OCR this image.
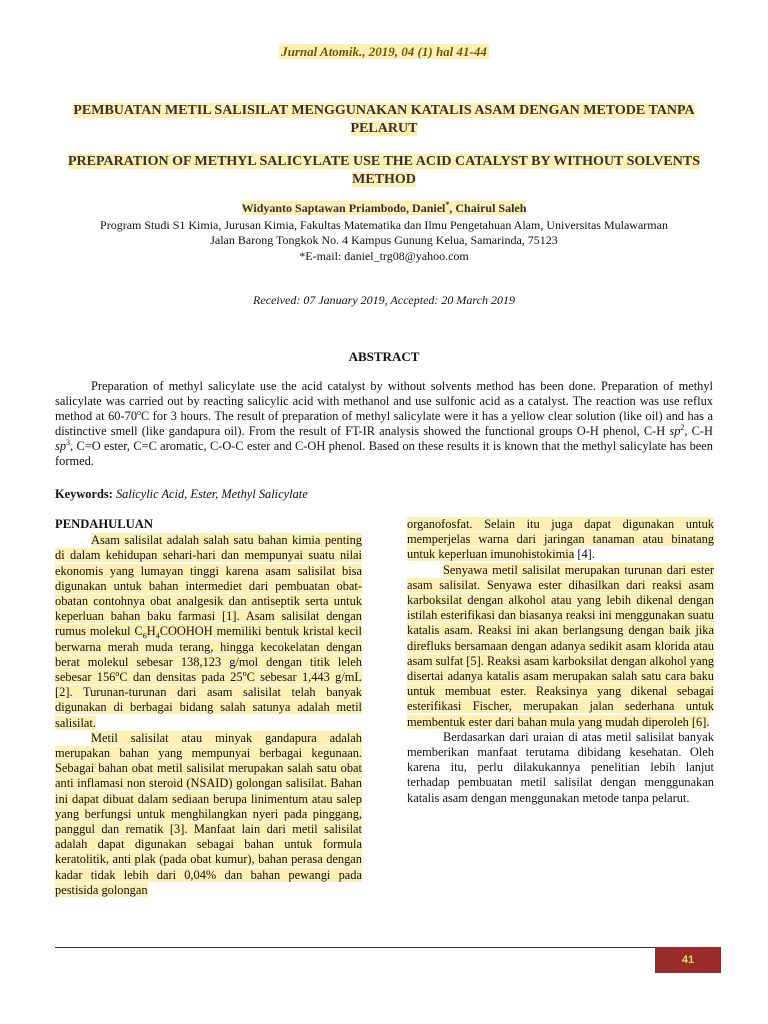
Jurnal Atomik., 2019, 04 (1) hal 41-44
PEMBUATAN METIL SALISILAT MENGGUNAKAN KATALIS ASAM DENGAN METODE TANPA PELARUT
PREPARATION OF METHYL SALICYLATE USE THE ACID CATALYST BY WITHOUT SOLVENTS METHOD
Widyanto Saptawan Priambodo, Daniel*, Chairul Saleh
Program Studi S1 Kimia, Jurusan Kimia, Fakultas Matematika dan Ilmu Pengetahuan Alam, Universitas Mulawarman
Jalan Barong Tongkok No. 4 Kampus Gunung Kelua, Samarinda, 75123
*E-mail: daniel_trg08@yahoo.com
Received: 07 January 2019, Accepted: 20 March 2019
ABSTRACT

Preparation of methyl salicylate use the acid catalyst by without solvents method has been done. Preparation of methyl salicylate was carried out by reacting salicylic acid with methanol and use sulfonic acid as a catalyst. The reaction was use reflux method at 60-70$^o$C for 3 hours. The result of preparation of methyl salicylate were it has a yellow clear solution (like oil) and has a distinctive smell (like gandapura oil). From the result of FT-IR analysis showed the functional groups O-H phenol, C-H $sp^2$, C-H $sp^3$, C=O ester, C=C aromatic, C-O-C ester and C-OH phenol. Based on these results it is known that the methyl salicylate has been formed.

Keywords: Salicylic Acid, Ester, Methyl Salicylate
PENDAHULUAN

Asam salisilat adalah salah satu bahan kimia penting di dalam kehidupan sehari-hari dan mempunyai suatu nilai ekonomis yang lumayan tinggi karena asam salisilat bisa digunakan untuk bahan intermediet dari pembuatan obat-obatan contohnya obat analgesik dan antiseptik serta untuk keperluan bahan baku farmasi [1]. Asam salisilat dengan rumus molekul $C_6H_4COOHOH$ memiliki bentuk kristal kecil berwarna merah muda terang, hingga kecokelatan dengan berat molekul sebesar 138,123 g/mol dengan titik leleh sebesar 156$^o$C dan densitas pada 25$^o$C sebesar 1,443 g/mL [2]. Turunan-turunan dari asam salisilat telah banyak digunakan di berbagai bidang salah satunya adalah metil salisilat.

Metil salisilat atau minyak gandapura adalah merupakan bahan yang mempunyai berbagai kegunaan. Sebagai bahan obat metil salisilat merupakan salah satu obat anti inflamasi non steroid (NSAID) golongan salisilat. Bahan ini dapat dibuat dalam sediaan berupa linimentum atau salep yang berfungsi untuk menghilangkan nyeri pada pinggang, panggul dan rematik [3]. Manfaat lain dari metil salisilat adalah dapat digunakan sebagai bahan untuk formula keratolitik, anti plak (pada obat kumur), bahan perasa dengan kadar tidak lebih dari 0,04% dan bahan pewangi pada pestisida golongan

organofosfat. Selain itu juga dapat digunakan untuk memperjelas warna dari jaringan tanaman atau binatang untuk keperluan imunohistokimia [4].

Senyawa metil salisilat merupakan turunan dari ester asam salisilat. Senyawa ester dihasilkan dari reaksi asam karboksilat dengan alkohol atau yang lebih dikenal dengan istilah esterifikasi dan biasanya reaksi ini menggunakan suatu katalis asam. Reaksi ini akan berlangsung dengan baik jika direfluks bersamaan dengan adanya sedikit asam klorida atau asam sulfat [5]. Reaksi asam karboksilat dengan alkohol yang disertai adanya katalis asam merupakan salah satu cara baku untuk membuat ester. Reaksinya yang dikenal sebagai esterifikasi Fischer, merupakan jalan sederhana untuk membentuk ester dari bahan mula yang mudah diperoleh [6].

Berdasarkan dari uraian di atas metil salisilat banyak memberikan manfaat terutama dibidang kesehatan. Oleh karena itu, perlu dilakukannya penelitian lebih lanjut terhadap pembuatan metil salisilat dengan menggunakan katalis asam dengan menggunakan metode tanpa pelarut.

41
